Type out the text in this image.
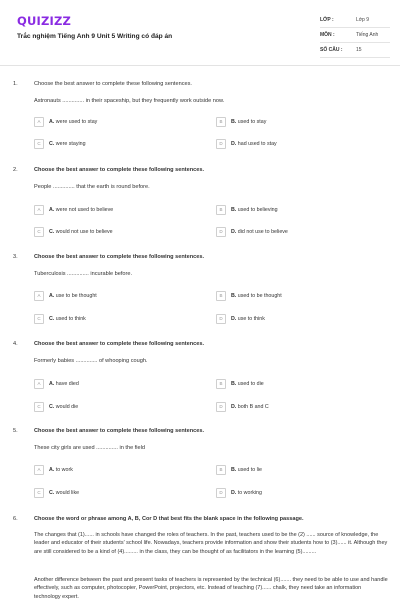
QUIZIZZ
Trắc nghiệm Tiếng Anh 9 Unit 5 Writing có đáp án
LỚP :	Lớp 9
MÔN :	Tiếng Anh
SỐ CÂU :	15
1.	Choose the best answer to complete these following sentences.
Astronauts .............. in their spaceship, but they frequently work outside now.
A	A. were used to stay	B	B. used to stay
C	C. were staying	D	D. had used to stay
2.	Choose the best answer to complete these following sentences.
People .............. that the earth is round before.
A	A. were not used to believe	B	B. used to believing
C	C. would not use to believe	D	D. did not use to believe
3.	Choose the best answer to complete these following sentences.
Tuberculosis .............. incurable before.
A	A. use to be thought	B	B. used to be thought
C	C. used to think	D	D. use to think
4.	Choose the best answer to complete these following sentences.
Formerly babies .............. of whooping cough.
A	A. have died	B	B. used to die
C	C. would die	D	D. both B and C
5.	Choose the best answer to complete these following sentences.
These city girls are used .............. in the field
A	A. to work	B	B. used to lie
C	C. would like	D	D. to working
6.	Choose the word or phrase among A, B, Cor D that best fits the blank space in the following passage.
The changes that (1)...... in schools have changed the roles of teachers. In the past, teachers used to be the (2) ...... source of knowledge, the leader and educator of their students' school life. Nowadays, teachers provide information and show their students how to (3)...... it. Although they are still considered to be a kind of (4)......... in the class, they can be thought of as facilitators in the learning (5).........
Another difference between the past and present tasks of teachers is represented by the technical (6)....... they need to be able to use and handle effectively, such as computer, photocopier, PowerPoint, projectors, etc. Instead of teaching (7)...... chalk, they need take an information technology expert.
